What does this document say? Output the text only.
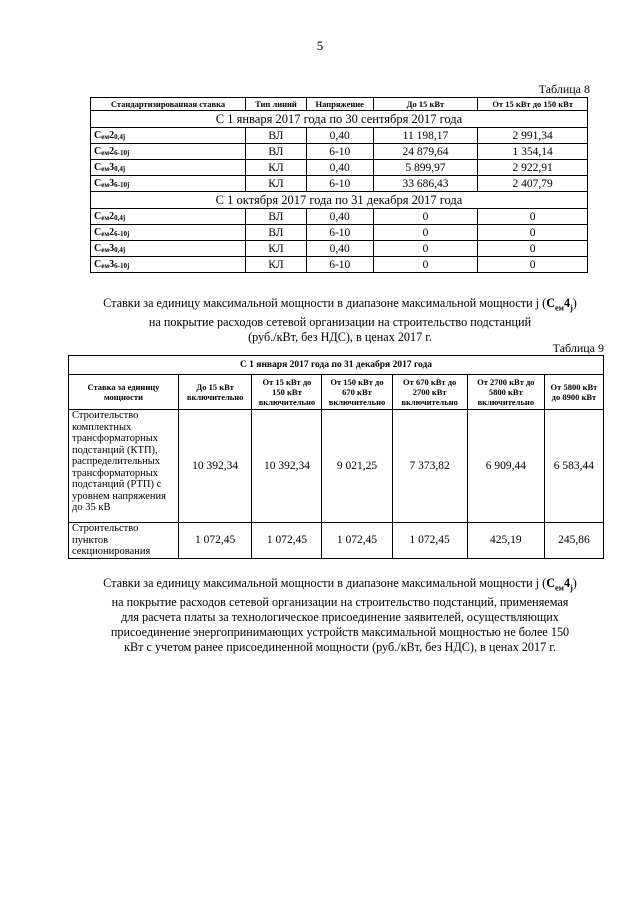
5
Таблица 8
Стандартизированная ставка	Тип линий	Напряжение	До 15 кВт	От 15 кВт до 150 кВт
С 1 января 2017 года по 30 сентября 2017 года				
$C_{ем}2_{0,4j}$	ВЛ	0,40	11 198,17	2 991,34
$C_{ем}2_{6-10j}$	ВЛ	6-10	24 879,64	1 354,14
$C_{ем}3_{0,4j}$	КЛ	0,40	5 899,97	2 922,91
$C_{ем}3_{6-10j}$	КЛ	6-10	33 686,43	2 407,79
С 1 октября 2017 года по 31 декабря 2017 года				
$C_{ем}2_{0,4j}$	ВЛ	0,40	0	0
$C_{ем}2_{6-10j}$	ВЛ	6-10	0	0
$C_{ем}3_{0,4j}$	КЛ	0,40	0	0
$C_{ем}3_{6-10j}$	КЛ	6-10	0	0
Ставки за единицу максимальной мощности в диапазоне максимальной мощности j $(C_{ем}4_j)$
на покрытие расходов сетевой организации на строительство подстанций
(руб./кВт, без НДС), в ценах 2017 г.
Таблица 9
С 1 января 2017 года по 31 декабря 2017 года						
Ставка за единицу мощности	До 15 кВт включительно	От 15 кВт до 150 кВт включительно	От 150 кВт до 670 кВт включительно	От 670 кВт до 2700 кВт включительно	От 2700 кВт до 5800 кВт включительно	От 5800 кВт до 8900 кВт
Строительство комплектных трансформаторных подстанций (КТП), распределительных трансформаторных подстанций (РТП) с уровнем напряжения до 35 кВ	10 392,34	10 392,34	9 021,25	7 373,82	6 909,44	6 583,44
Строительство пунктов секционирования	1 072,45	1 072,45	1 072,45	1 072,45	425,19	245,86
Ставки за единицу максимальной мощности в диапазоне максимальной мощности j $(C_{ем}4_j)$
на покрытие расходов сетевой организации на строительство подстанций, применяемая
для расчета платы за технологическое присоединение заявителей, осуществляющих
присоединение энергопринимающих устройств максимальной мощностью не более 150
кВт с учетом ранее присоединенной мощности (руб./кВт, без НДС), в ценах 2017 г.
